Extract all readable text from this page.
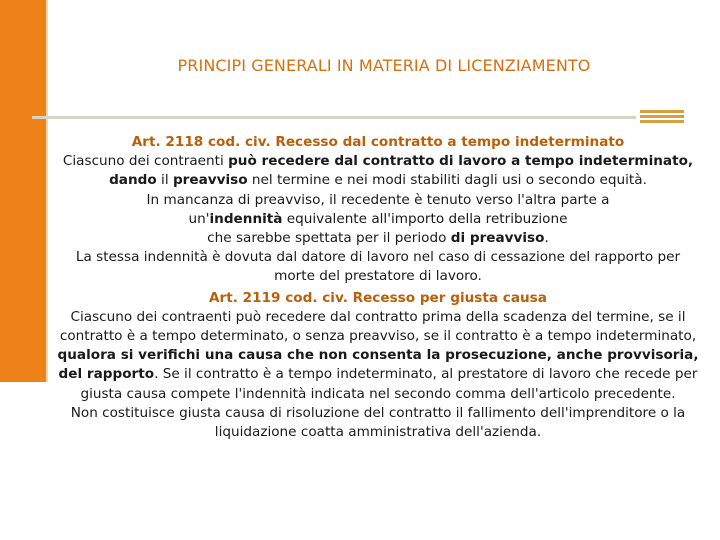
PRINCIPI GENERALI IN MATERIA DI LICENZIAMENTO

Art. 2118 cod. civ. Recesso dal contratto a tempo indeterminato

Ciascuno dei contraenti può recedere dal contratto di lavoro a tempo indeterminato,
dando il preavviso nel termine e nei modi stabiliti dagli usi o secondo equità.

In mancanza di preavviso, il recedente è tenuto verso l'altra parte a
un'indennità equivalente all'importo della retribuzione
che sarebbe spettata per il periodo di preavviso.

La stessa indennità è dovuta dal datore di lavoro nel caso di cessazione del rapporto per morte del prestatore di lavoro.

Art. 2119 cod. civ. Recesso per giusta causa

Ciascuno dei contraenti può recedere dal contratto prima della scadenza del termine, se il contratto è a tempo determinato, o senza preavviso, se il contratto è a tempo indeterminato, qualora si verifichi una causa che non consenta la prosecuzione, anche provvisoria, del rapporto. Se il contratto è a tempo indeterminato, al prestatore di lavoro che recede per giusta causa compete l'indennità indicata nel secondo comma dell'articolo precedente.

Non costituisce giusta causa di risoluzione del contratto il fallimento dell'imprenditore o la liquidazione coatta amministrativa dell'azienda.
